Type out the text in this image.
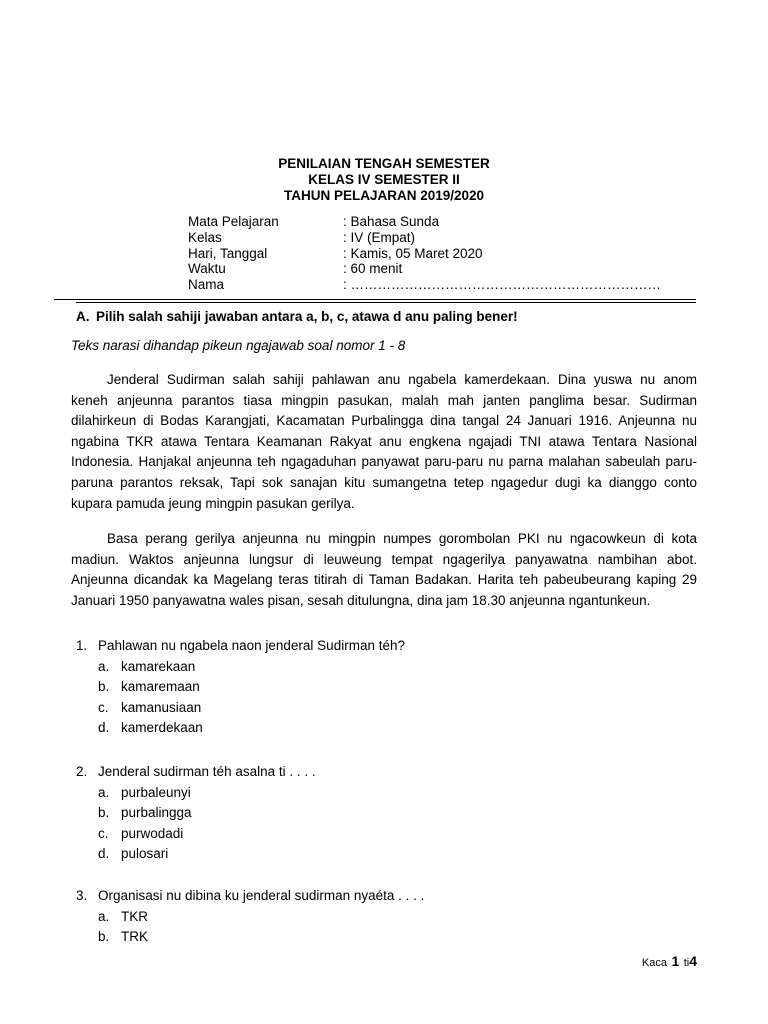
PENILAIAN TENGAH SEMESTER
KELAS IV SEMESTER II
TAHUN PELAJARAN 2019/2020
Mata Pelajaran	: Bahasa Sunda
Kelas	: IV (Empat)
Hari, Tanggal	: Kamis, 05 Maret 2020
Waktu	: 60 menit
Nama	: ……………………………………………………………
A. Pilih salah sahiji jawaban antara a, b, c, atawa d anu paling bener!
Teks narasi dihandap pikeun ngajawab soal nomor 1 - 8
Jenderal Sudirman salah sahiji pahlawan anu ngabela kamerdekaan. Dina yuswa nu anom
keneh anjeunna parantos tiasa mingpin pasukan, malah mah janten panglima besar. Sudirman
dilahirkeun di Bodas Karangjati, Kacamatan Purbalingga dina tangal 24 Januari 1916. Anjeunna nu
ngabina TKR atawa Tentara Keamanan Rakyat anu engkena ngajadi TNI atawa Tentara Nasional
Indonesia. Hanjakal anjeunna teh ngagaduhan panyawat paru-paru nu parna malahan sabeulah paru-
paruna parantos reksak, Tapi sok sanajan kitu sumangetna tetep ngagedur dugi ka dianggo conto
kupara pamuda jeung mingpin pasukan gerilya.
Basa perang gerilya anjeunna nu mingpin numpes gorombolan PKI nu ngacowkeun di kota
madiun. Waktos anjeunna lungsur di leuweung tempat ngagerilya panyawatna nambihan abot.
Anjeunna dicandak ka Magelang teras titirah di Taman Badakan. Harita teh pabeubeurang kaping 29
Januari 1950 panyawatna wales pisan, sesah ditulungna, dina jam 18.30 anjeunna ngantunkeun.
1. Pahlawan nu ngabela naon jenderal Sudirman téh?
a. kamarekaan
b. kamaremaan
c. kamanusiaan
d. kamerdekaan
2. Jenderal sudirman téh asalna ti . . . .
a. purbaleunyi
b. purbalingga
c. purwodadi
d. pulosari
3. Organisasi nu dibina ku jenderal sudirman nyaéta . . . .
a. TKR
b. TRK
Kaca 1 ti4
